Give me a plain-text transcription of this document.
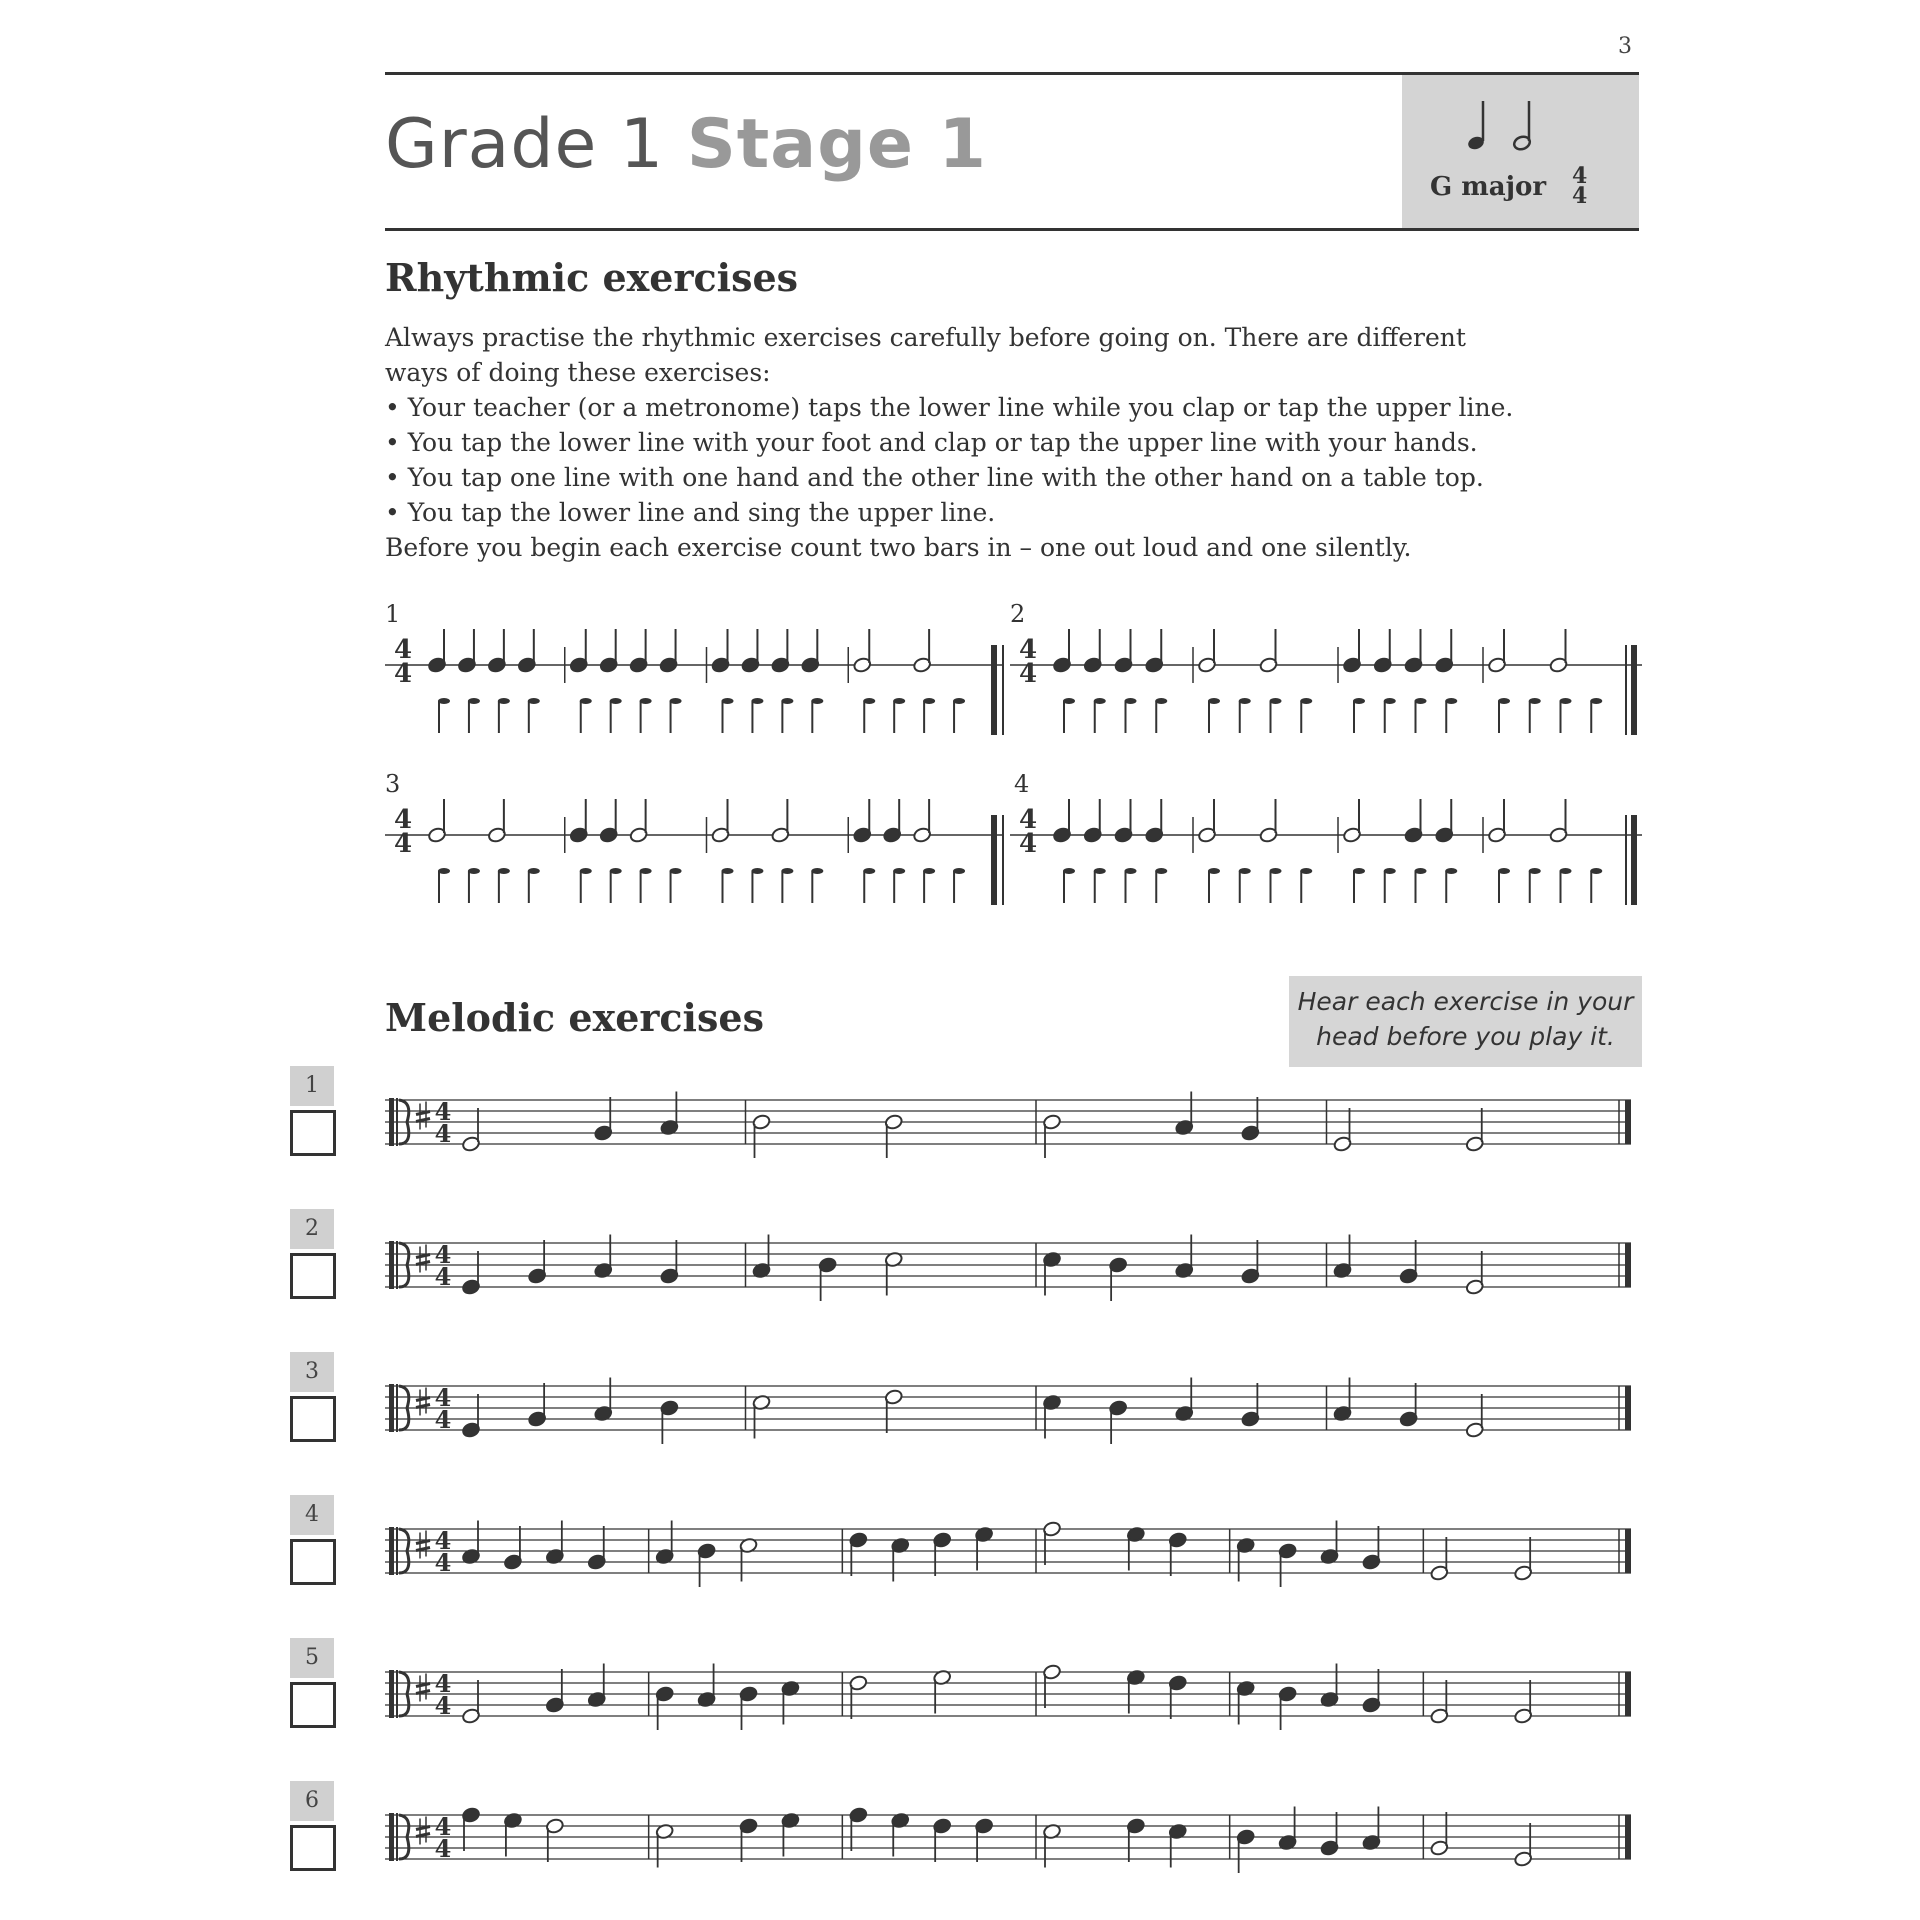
3
Grade 1 Stage 1
G major 4
4
Rhythmic exercises

Always practise the rhythmic exercises carefully before going on. There are different

ways of doing these exercises:

• Your teacher (or a metronome) taps the lower line while you clap or tap the upper line.

• You tap the lower line with your foot and clap or tap the upper line with your hands.

• You tap one line with one hand and the other line with the other hand on a table top.

• You tap the lower line and sing the upper line.

Before you begin each exercise count two bars in – one out loud and one silently.

1	2
3	4
4
4
4
4
4
4
4
4
Melodic exercises	Hear each exercise in your
head before you play it.
1
2
3
4
5
6
4
4
4
4
4
4
4
4
4
4
4
4
